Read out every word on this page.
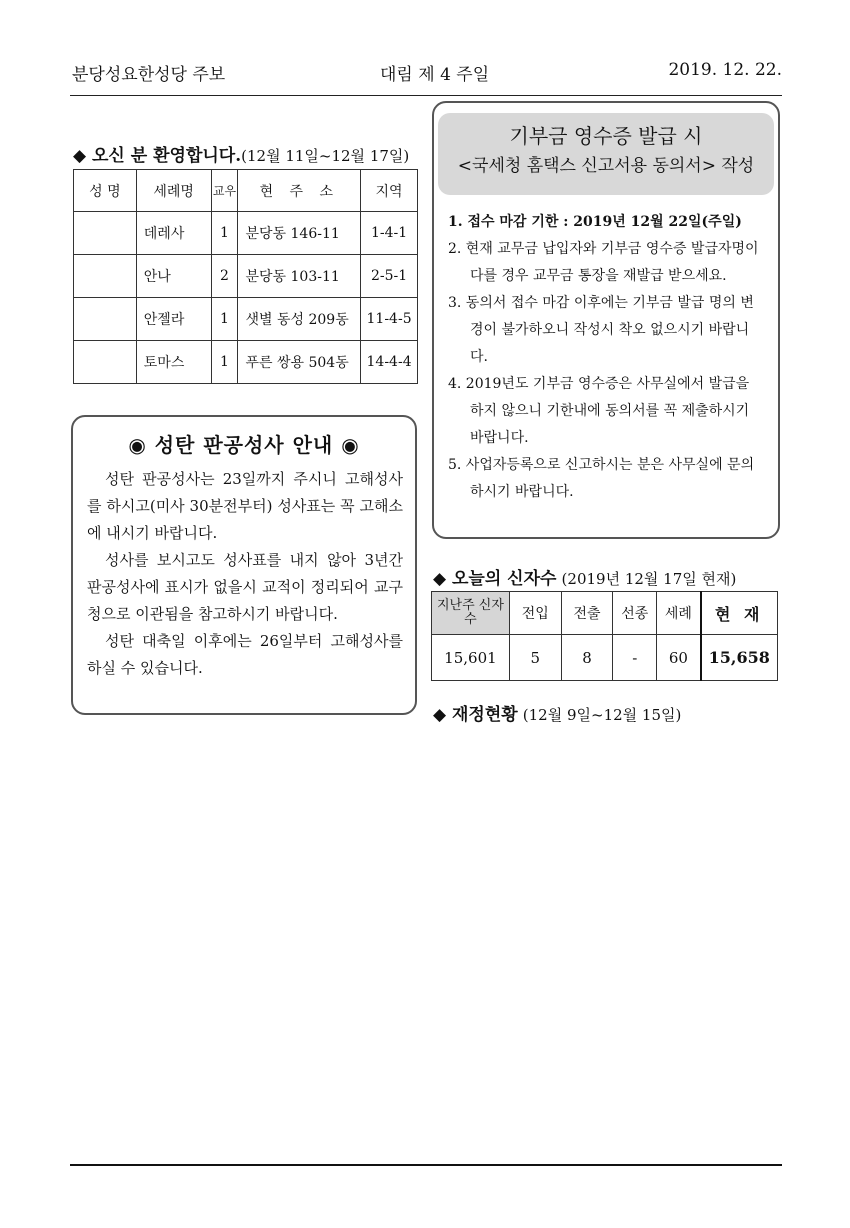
분당성요한성당 주보	대림 제 4 주일	2019. 12. 22.
◆ 오신 분 환영합니다.(12월 11일~12월 17일)
성 명	세례명	교우	현 주 소	지역
	데레사	1	분당동 146-11	1-4-1
	안나	2	분당동 103-11	2-5-1
	안젤라	1	샛별 동성 209동	11-4-5
	토마스	1	푸른 쌍용 504동	14-4-4
◉ 성탄 판공성사 안내 ◉

성탄 판공성사는 23일까지 주시니 고해성사를 하시고(미사 30분전부터) 성사표는 꼭 고해소에 내시기 바랍니다.

성사를 보시고도 성사표를 내지 않아 3년간 판공성사에 표시가 없을시 교적이 정리되어 교구청으로 이관됨을 참고하시기 바랍니다.

성탄 대축일 이후에는 26일부터 고해성사를 하실 수 있습니다.

기부금 영수증 발급 시
<국세청 홈택스 신고서용 동의서> 작성
1. 접수 마감 기한 : 2019년 12월 22일(주일)
2. 현재 교무금 납입자와 기부금 영수증 발급자명이 다를 경우 교무금 통장을 재발급 받으세요.
3. 동의서 접수 마감 이후에는 기부금 발급 명의 변경이 불가하오니 작성시 착오 없으시기 바랍니다.
4. 2019년도 기부금 영수증은 사무실에서 발급을 하지 않으니 기한내에 동의서를 꼭 제출하시기 바랍니다.
5. 사업자등록으로 신고하시는 분은 사무실에 문의하시기 바랍니다.
◆ 오늘의 신자수 (2019년 12월 17일 현재)
지난주 신자수	전입	전출	선종	세례	현 재
15,601	5	8	-	60	15,658
◆ 재정현황 (12월 9일~12월 15일)
